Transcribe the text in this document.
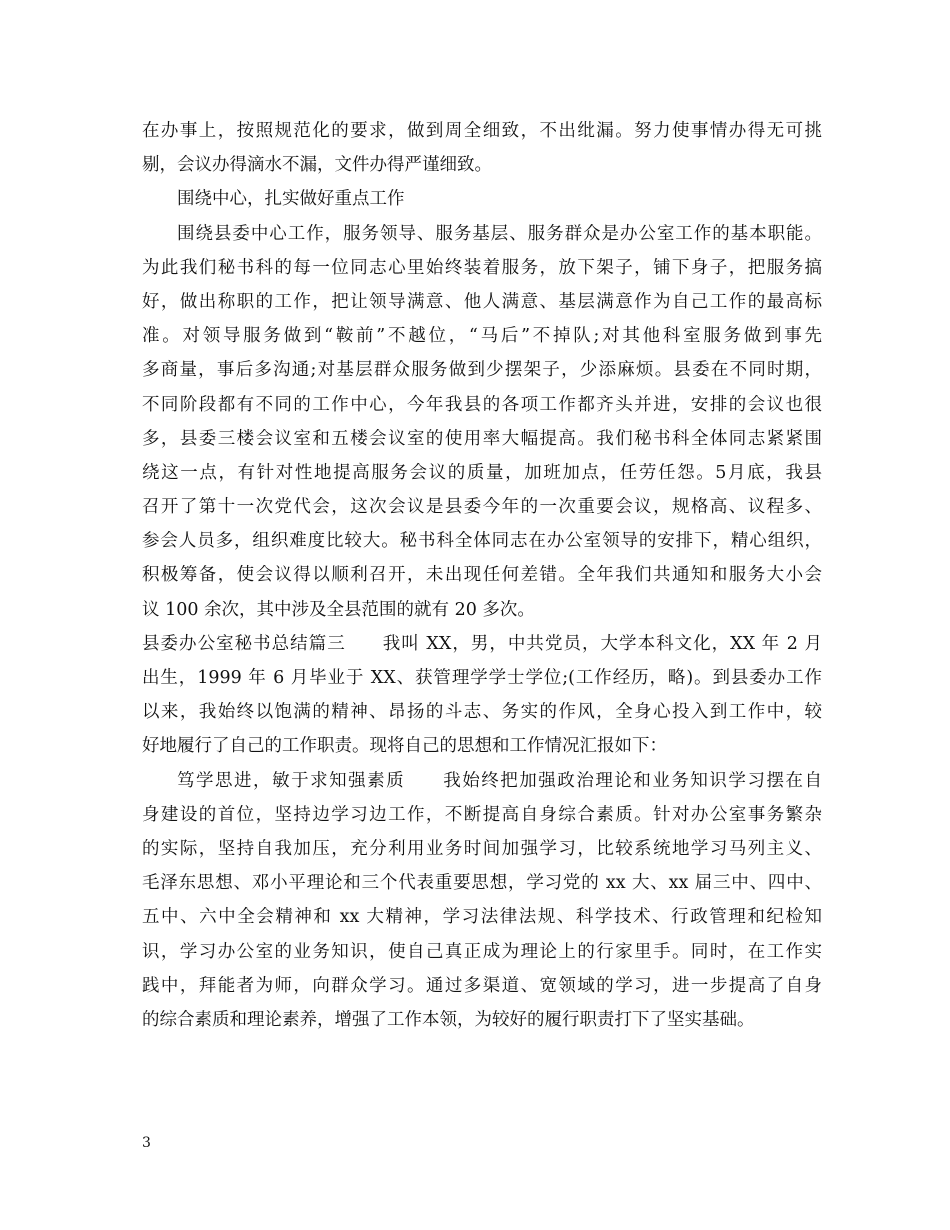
在办事上，按照规范化的要求，做到周全细致，不出纰漏。努力使事情办得无可挑
剔，会议办得滴水不漏，文件办得严谨细致。
围绕中心，扎实做好重点工作
围绕县委中心工作，服务领导、服务基层、服务群众是办公室工作的基本职能。
为此我们秘书科的每一位同志心里始终装着服务，放下架子，铺下身子，把服务搞
好，做出称职的工作，把让领导满意、他人满意、基层满意作为自己工作的最高标
准。对领导服务做到“鞍前”不越位，“马后”不掉队;对其他科室服务做到事先
多商量，事后多沟通;对基层群众服务做到少摆架子，少添麻烦。县委在不同时期，
不同阶段都有不同的工作中心，今年我县的各项工作都齐头并进，安排的会议也很
多，县委三楼会议室和五楼会议室的使用率大幅提高。我们秘书科全体同志紧紧围
绕这一点，有针对性地提高服务会议的质量，加班加点，任劳任怨。5月底，我县
召开了第十一次党代会，这次会议是县委今年的一次重要会议，规格高、议程多、
参会人员多，组织难度比较大。秘书科全体同志在办公室领导的安排下，精心组织，
积极筹备，使会议得以顺利召开，未出现任何差错。全年我们共通知和服务大小会
议 100 余次，其中涉及全县范围的就有 20 多次。
县委办公室秘书总结篇三　　我叫 XX，男，中共党员，大学本科文化，XX 年 2 月
出生，1999 年 6 月毕业于 XX、获管理学学士学位;(工作经历，略)。到县委办工作
以来，我始终以饱满的精神、昂扬的斗志、务实的作风，全身心投入到工作中，较
好地履行了自己的工作职责。现将自己的思想和工作情况汇报如下：
笃学思进，敏于求知强素质　　我始终把加强政治理论和业务知识学习摆在自
身建设的首位，坚持边学习边工作，不断提高自身综合素质。针对办公室事务繁杂
的实际，坚持自我加压，充分利用业务时间加强学习，比较系统地学习马列主义、
毛泽东思想、邓小平理论和三个代表重要思想，学习党的 xx 大、xx 届三中、四中、
五中、六中全会精神和 xx 大精神，学习法律法规、科学技术、行政管理和纪检知
识，学习办公室的业务知识，使自己真正成为理论上的行家里手。同时，在工作实
践中，拜能者为师，向群众学习。通过多渠道、宽领域的学习，进一步提高了自身
的综合素质和理论素养，增强了工作本领，为较好的履行职责打下了坚实基础。
3
